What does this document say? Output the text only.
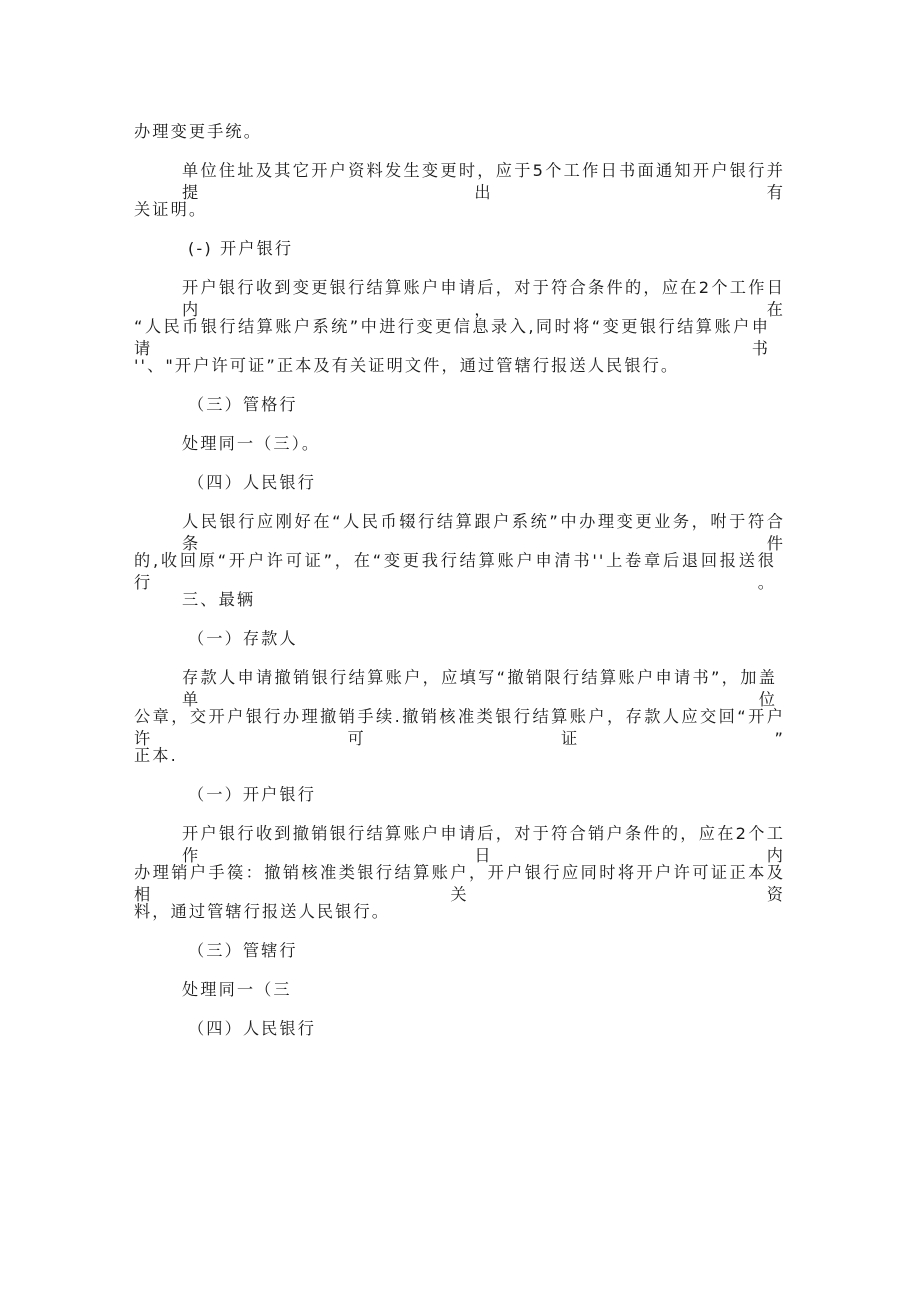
办理变更手统。
单位住址及其它开户资料发生变更时，应于5个工作日书面通知开户银行并提出有
关证明。
(-) 开户银行
开户银行收到变更银行结算账户申请后，对于符合条件的，应在2个工作日内，在
“人民币银行结算账户系统”中进行变更信息录入,同时将“变更银行结算账户申请书
''、"开户许可证”正本及有关证明文件，通过管辖行报送人民银行。
（三）管格行
处理同一（三）。
（四）人民银行
人民银行应刚好在“人民币辍行结算跟户系统”中办理变更业务，咐于符合条件
的,收回原“开户许可证”，在“变更我行结算账户申清书''上卷章后退回报送很行。
三、最辆
（一）存款人
存款人申请撤销银行结算账户，应填写“撤销限行结算账户申请书”，加盖单位
公章，交开户银行办理撤销手续.撤销核准类银行结算账户，存款人应交回“开户许可证”
正本.
（一）开户银行
开户银行收到撤销银行结算账户申请后，对于符合销户条件的，应在2个工作日内
办理销户手篌：撤销核准类银行结算账户，开户银行应同时将开户许可证正本及相关资
料，通过管辖行报送人民银行。
（三）管辖行
处理同一（三
（四）人民银行
